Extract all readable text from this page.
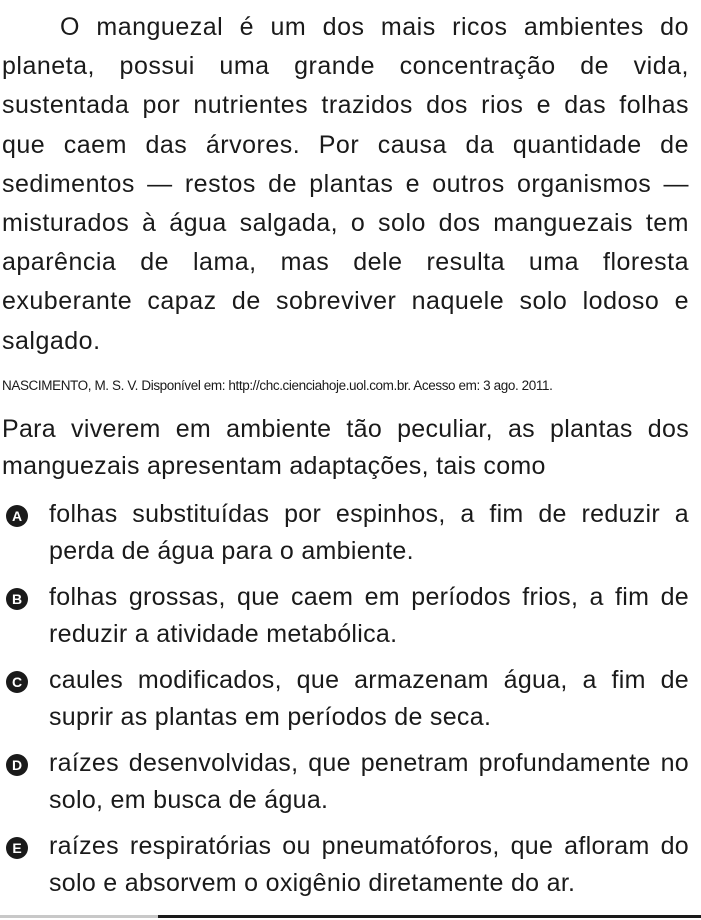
O manguezal é um dos mais ricos ambientes do planeta, possui uma grande concentração de vida, sustentada por nutrientes trazidos dos rios e das folhas que caem das árvores. Por causa da quantidade de sedimentos — restos de plantas e outros organismos — misturados à água salgada, o solo dos manguezais tem aparência de lama, mas dele resulta uma floresta exuberante capaz de sobreviver naquele solo lodoso e salgado.

NASCIMENTO, M. S. V. Disponível em: http://chc.cienciahoje.uol.com.br. Acesso em: 3 ago. 2011.

Para viverem em ambiente tão peculiar, as plantas dos manguezais apresentam adaptações, tais como

A folhas substituídas por espinhos, a fim de reduzir a perda de água para o ambiente.
B folhas grossas, que caem em períodos frios, a fim de reduzir a atividade metabólica.
C caules modificados, que armazenam água, a fim de suprir as plantas em períodos de seca.
D raízes desenvolvidas, que penetram profundamente no solo, em busca de água.
E raízes respiratórias ou pneumatóforos, que afloram do solo e absorvem o oxigênio diretamente do ar.
